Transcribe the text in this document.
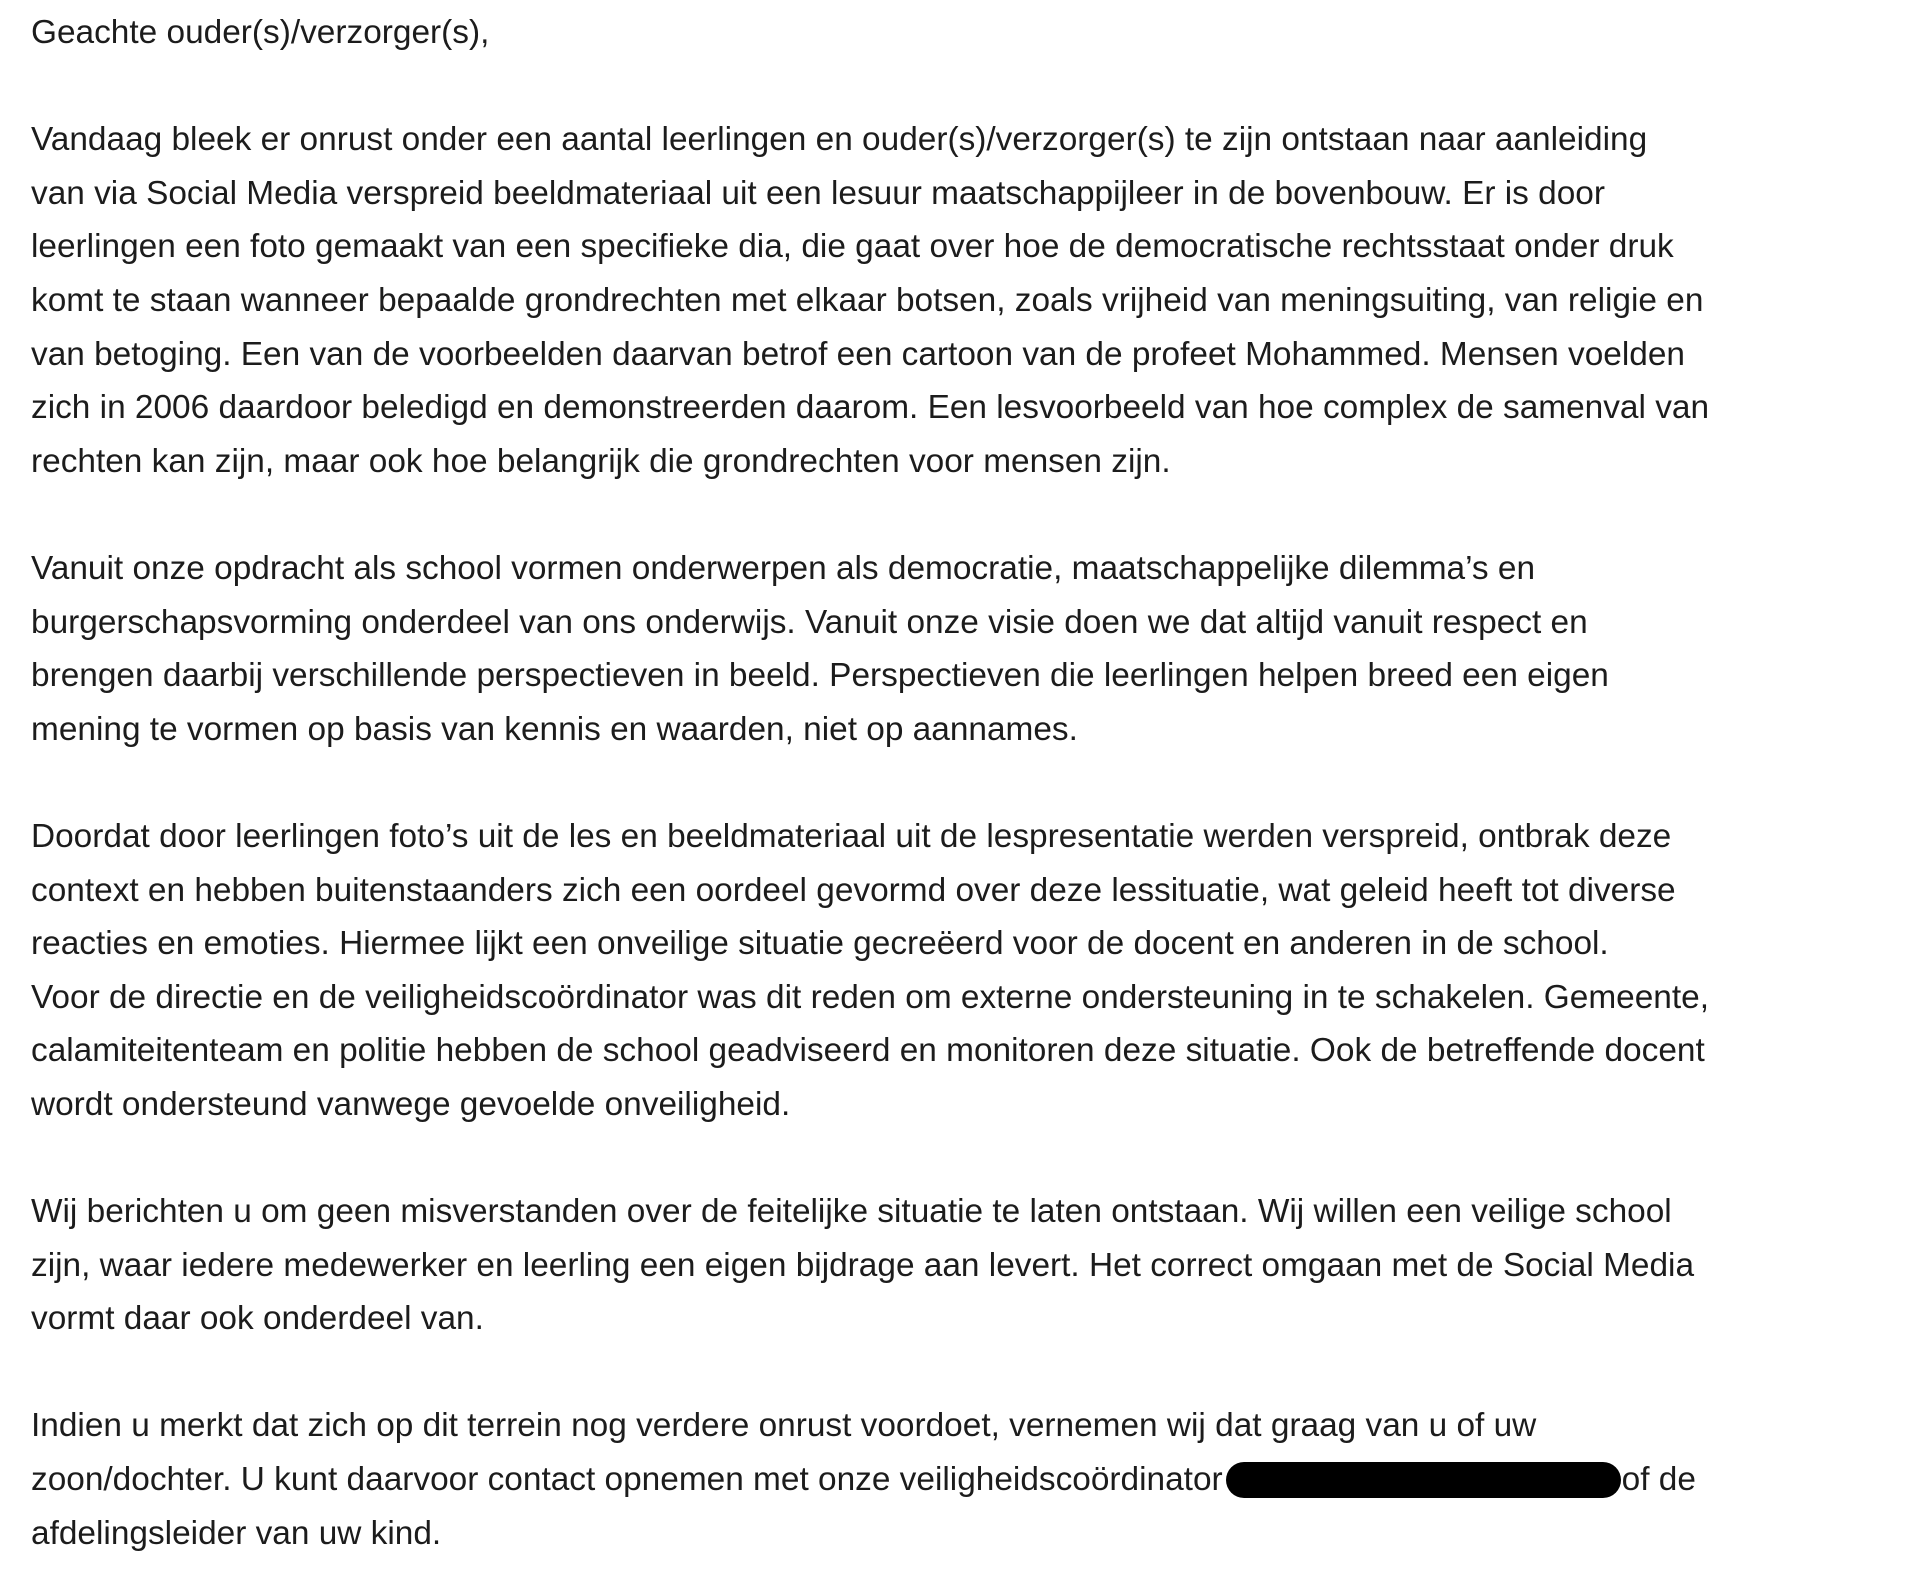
Geachte ouder(s)/verzorger(s),
Vandaag bleek er onrust onder een aantal leerlingen en ouder(s)/verzorger(s) te zijn ontstaan naar aanleiding
van via Social Media verspreid beeldmateriaal uit een lesuur maatschappijleer in de bovenbouw. Er is door
leerlingen een foto gemaakt van een specifieke dia, die gaat over hoe de democratische rechtsstaat onder druk
komt te staan wanneer bepaalde grondrechten met elkaar botsen, zoals vrijheid van meningsuiting, van religie en
van betoging. Een van de voorbeelden daarvan betrof een cartoon van de profeet Mohammed. Mensen voelden
zich in 2006 daardoor beledigd en demonstreerden daarom. Een lesvoorbeeld van hoe complex de samenval van
rechten kan zijn, maar ook hoe belangrijk die grondrechten voor mensen zijn.
Vanuit onze opdracht als school vormen onderwerpen als democratie, maatschappelijke dilemma’s en
burgerschapsvorming onderdeel van ons onderwijs. Vanuit onze visie doen we dat altijd vanuit respect en
brengen daarbij verschillende perspectieven in beeld. Perspectieven die leerlingen helpen breed een eigen
mening te vormen op basis van kennis en waarden, niet op aannames.
Doordat door leerlingen foto’s uit de les en beeldmateriaal uit de lespresentatie werden verspreid, ontbrak deze
context en hebben buitenstaanders zich een oordeel gevormd over deze lessituatie, wat geleid heeft tot diverse
reacties en emoties. Hiermee lijkt een onveilige situatie gecreëerd voor de docent en anderen in de school.
Voor de directie en de veiligheidscoördinator was dit reden om externe ondersteuning in te schakelen. Gemeente,
calamiteitenteam en politie hebben de school geadviseerd en monitoren deze situatie. Ook de betreffende docent
wordt ondersteund vanwege gevoelde onveiligheid.
Wij berichten u om geen misverstanden over de feitelijke situatie te laten ontstaan. Wij willen een veilige school
zijn, waar iedere medewerker en leerling een eigen bijdrage aan levert. Het correct omgaan met de Social Media
vormt daar ook onderdeel van.
Indien u merkt dat zich op dit terrein nog verdere onrust voordoet, vernemen wij dat graag van u of uw
zoon/dochter. U kunt daarvoor contact opnemen met onze veiligheidscoördinator	of de
afdelingsleider van uw kind.
